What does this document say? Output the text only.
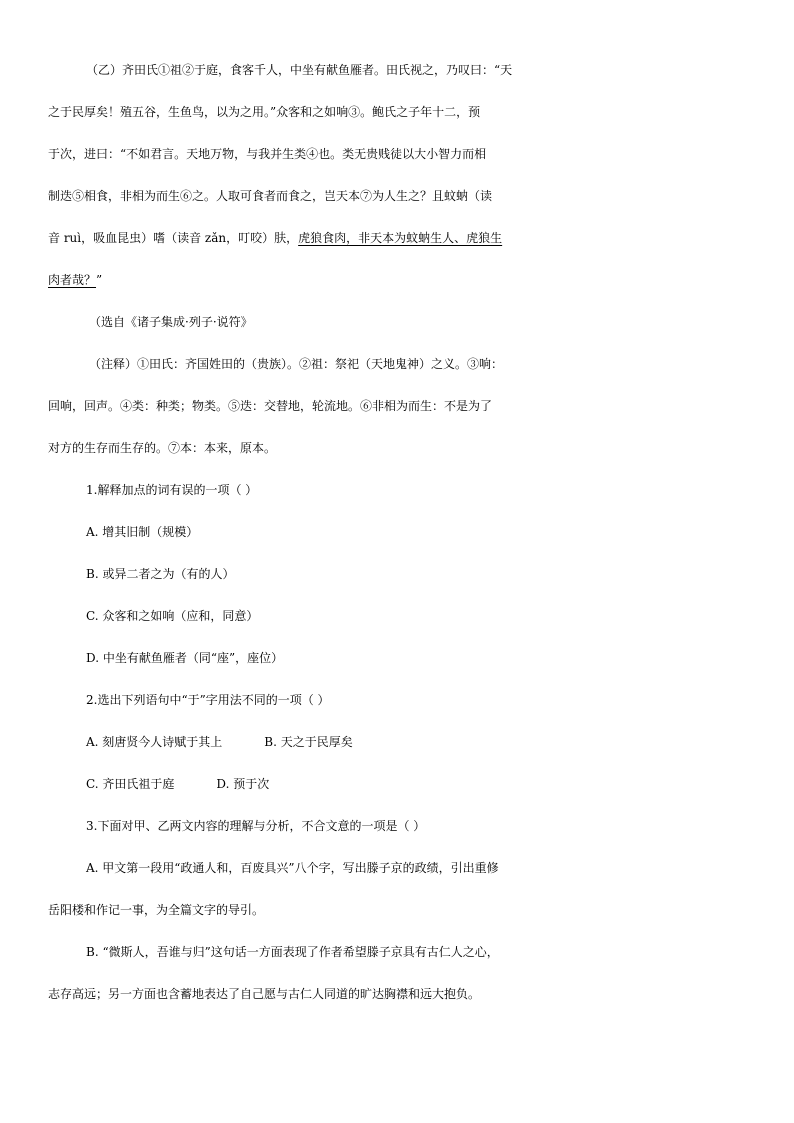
（乙）齐田氏①祖②于庭，食客千人，中坐有献鱼雁者。田氏视之，乃叹曰：“天
之于民厚矣！殖五谷，生鱼鸟，以为之用。”众客和之如响③。鲍氏之子年十二，预
于次，进曰：“不如君言。天地万物，与我并生类④也。类无贵贱徒以大小智力而相
制迭⑤相食，非相为而生⑥之。人取可食者而食之，岂天本⑦为人生之？且蚊蚋（读
音 ruì，吸血昆虫）嗜（读音 zǎn，叮咬）肤，虎狼食肉，非天本为蚊蚋生人、虎狼生
肉者哉？”
（选自《诸子集成·列子·说符》
（注释）①田氏：齐国姓田的（贵族）。②祖：祭祀（天地鬼神）之义。③响：
回响，回声。④类：种类；物类。⑤迭：交替地，轮流地。⑥非相为而生：不是为了
对方的生存而生存的。⑦本：本来，原本。
1.解释加点的词有误的一项（ ）
A. 增其旧制（规模）
B. 或异二者之为（有的人）
C. 众客和之如响（应和，同意）
D. 中坐有献鱼雁者（同“座”，座位）
2.选出下列语句中“于”字用法不同的一项（ ）
A. 刻唐贤今人诗赋于其上	B. 天之于民厚矣
C. 齐田氏祖于庭	D. 预于次
3.下面对甲、乙两文内容的理解与分析，不合文意的一项是（ ）
A. 甲文第一段用“政通人和，百废具兴”八个字，写出滕子京的政绩，引出重修
岳阳楼和作记一事，为全篇文字的导引。
B. “微斯人，吾谁与归”这句话一方面表现了作者希望滕子京具有古仁人之心，
志存高远；另一方面也含蓄地表达了自己愿与古仁人同道的旷达胸襟和远大抱负。
